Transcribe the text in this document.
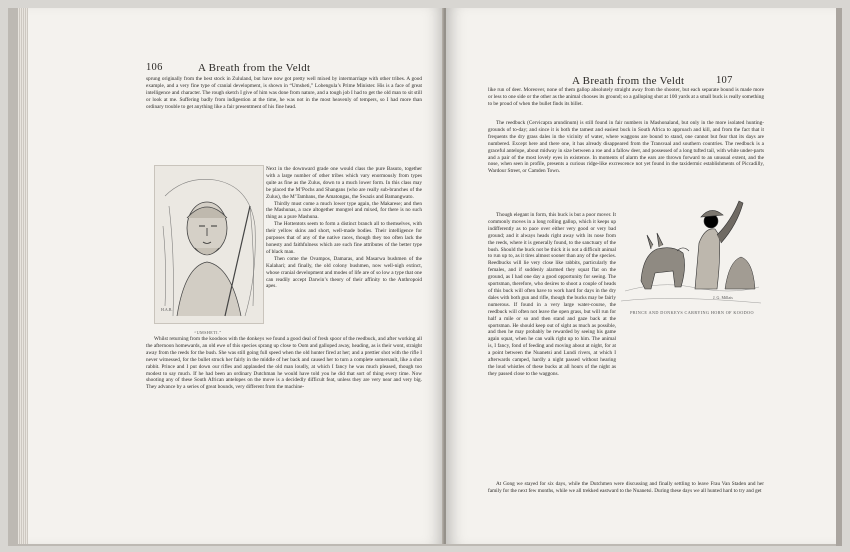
106	A Breath from the Veldt

sprung originally from the best stock in Zululand, but have now got pretty well mixed by intermarriage with other tribes. A good example, and a very fine type of cranial development, is shown in “Umsheti,” Lobengula’s Prime Minister. His is a face of great intelligence and character. The rough sketch I give of him was done from nature, and a tough job I had to get the old man to sit still or look at me. Suffering badly from indigestion at the time, he was not in the most heavenly of tempers, so I had more than ordinary trouble to get anything like a fair presentment of his fine head.

H.A.B.

Next in the downward grade one would class the pure Basuto, together with a large number of other tribes which vary enormously from types quite as fine as the Zulus, down to a much lower form. In this class may be placed the M’Pochs and Shangans (who are really sub-branches of the Zulus), the M’Tambans, the Amatongas, the Swazis and Bamangwato.

Thirdly must come a much lower type again, the Makarese; and then the Mashunas, a race altogether mongrel and mixed, for there is no such thing as a pure Mashuna.

The Hottentots seem to form a distinct branch all to themselves, with their yellow skins and short, well-made bodies. Their intelligence for purposes that of any of the native races, though they too often lack the honesty and faithfulness which are such fine attributes of the better type of black man.

Then come the Ovampos, Damaras, and Masarwa bushmen of the Kalahari; and finally, the old colony bushmen, now well-nigh extinct, whose cranial development and modes of life are of so low a type that one can readily accept Darwin’s theory of their affinity to the Anthropoid apes.

“UMSHETI.”

Whilst returning from the koodoos with the donkeys we found a good deal of fresh spoor of the reedbuck, and after working all the afternoon homewards, an old ewe of this species sprang up close to Oom and galloped away, heading, as is their wont, straight away from the reeds for the bush. She was still going full speed when the old hunter fired at her; and a prettier shot with the rifle I never witnessed, for the bullet struck her fairly in the middle of her back and caused her to turn a complete somersault, like a shot rabbit. Prince and I put down our rifles and applauded the old man loudly, at which I fancy he was much pleased, though too modest to say much. If he had been an ordinary Dutchman he would have told you he did that sort of thing every time. Now shooting any of these South African antelopes on the move is a decidedly difficult feat, unless they are very near and very big. They advance by a series of great bounds, very different from the machine-

A Breath from the Veldt	107

like run of deer. Moreover, none of them gallop absolutely straight away from the shooter, but each separate bound is made more or less to one side or the other as the animal chooses its ground; so a galloping shot at 100 yards at a small buck is really something to be proud of when the bullet finds its billet.

The reedbuck (Cervicapra arundinum) is still found in fair numbers in Mashonaland, but only in the more isolated hunting-grounds of to-day; and since it is both the tamest and easiest buck in South Africa to approach and kill, and from the fact that it frequents the dry grass dales in the vicinity of water, where waggons are bound to stand, one cannot but fear that its days are numbered. Except here and there one, it has already disappeared from the Transvaal and southern countries. The reedbuck is a graceful antelope, about midway in size between a roe and a fallow deer, and possessed of a long tufted tail, with white under-parts and a pair of the most lovely eyes in existence. In moments of alarm the ears are thrown forward to an unusual extent, and the nose, when seen in profile, presents a curious ridge-like excrescence not yet found in the taxidermic establishments of Piccadilly, Wardour Street, or Camden Town.

J. G. Millais

Though elegant in form, this buck is but a poor mover. It commonly moves in a long rolling gallop, which it keeps up indifferently as to pace over either very good or very bad ground; and it always heads right away with its nose from the reeds, where it is generally found, to the sanctuary of the bush. Should the buck not be thick it is not a difficult animal to run up to, as it tires almost sooner than any of the species. Reedbucks will lie very close like rabbits, particularly the females, and if suddenly alarmed they squat flat on the ground, as I had one day a good opportunity for seeing. The sportsman, therefore, who desires to shoot a couple of heads of this buck will often have to work hard for days in the dry dales with both gun and rifle, though the bucks may be fairly numerous. If found in a very large water-course, the reedbuck will often not leave the open grass, but will run for half a mile or so and then stand and gaze back at the sportsman. He should keep out of sight as much as possible, and then he may probably be rewarded by seeing his game again squat, when he can walk right up to him. The animal is, I fancy, fond of feeding and moving about at night, for at a point between the Nuanetsi and Lundi rivers, at which I afterwards camped, hardly a night passed without hearing the loud whistles of these bucks at all hours of the night as they passed close to the waggons.

PRINCE AND DONKEYS CARRYING HORN OF KOODOO

At Gong we stayed for six days, while the Dutchmen were discussing and finally settling to leave Frau Van Staden and her family for the next few months, while we all trekked eastward to the Nuanetsi. During these days we all hunted hard to try and get
